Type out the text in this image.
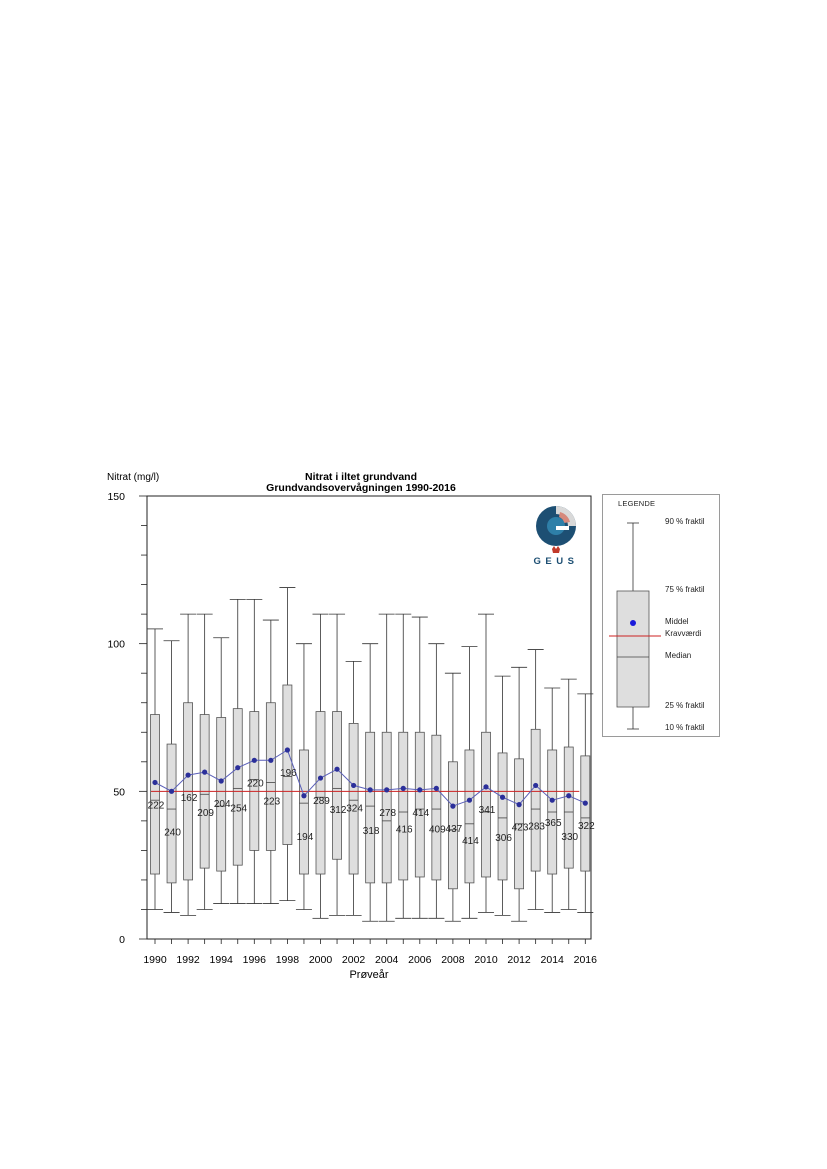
Nitrat i iltet grundvand
Grundvandsovervågningen 1990-2016
Nitrat (mg/l)
Prøveår
0
50
100
150
1990 1992 1994 1996 1998 2000 2002 2004 2006 2008 2010 2012 2014 2016
222
240
162
209
204 254
220
223
196
194
289
312 324
318
278
416
414
409 437
414
341
306
423 283 365
330
322
GEUS
LEGENDE
90 % fraktil
75 % fraktil
Middel
Kravværdi
Median
25 % fraktil
10 % fraktil
